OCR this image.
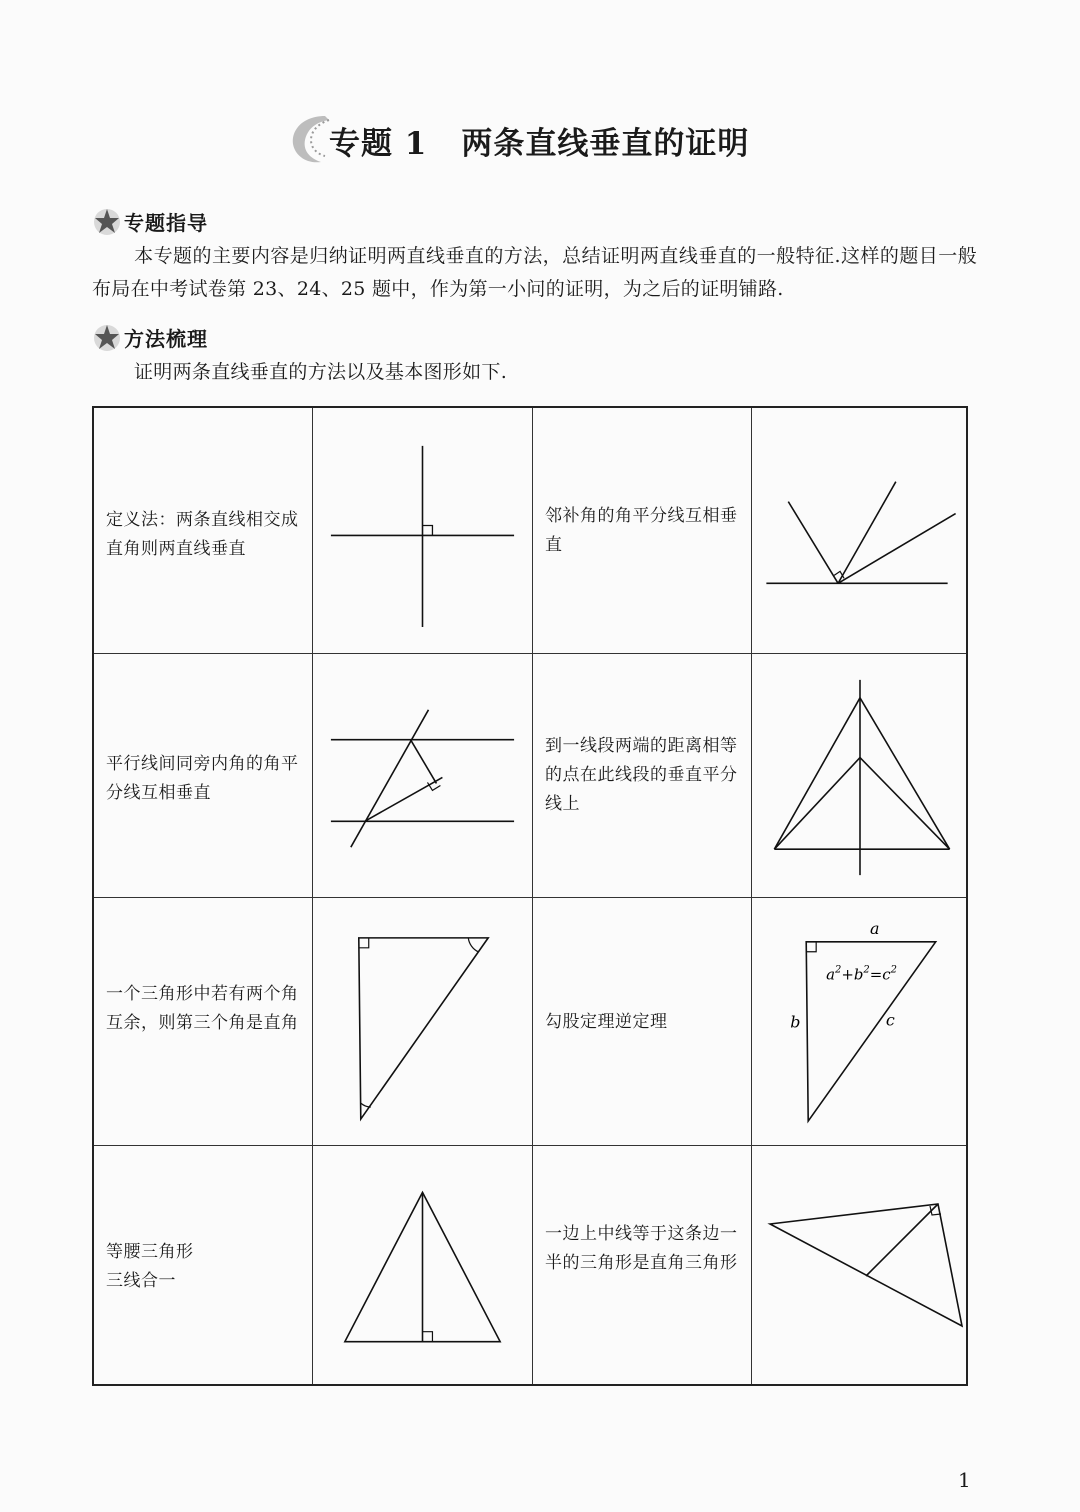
专题 1 两条直线垂直的证明
专题指导
本专题的主要内容是归纳证明两直线垂直的方法，总结证明两直线垂直的一般特征.这样的题目一般布局在中考试卷第 23、24、25 题中，作为第一小问的证明，为之后的证明铺路.
方法梳理
证明两条直线垂直的方法以及基本图形如下.
定义法：两条直线相交成直角则两直线垂直
邻补角的角平分线互相垂直
平行线间同旁内角的角平分线互相垂直
到一线段两端的距离相等的点在此线段的垂直平分线上
一个三角形中若有两个角互余，则第三个角是直角	勾股定理逆定理
a
b	c
$a^2+b^2=c^2$
等腰三角形
三线合一
一边上中线等于这条边一半的三角形是直角三角形
1
